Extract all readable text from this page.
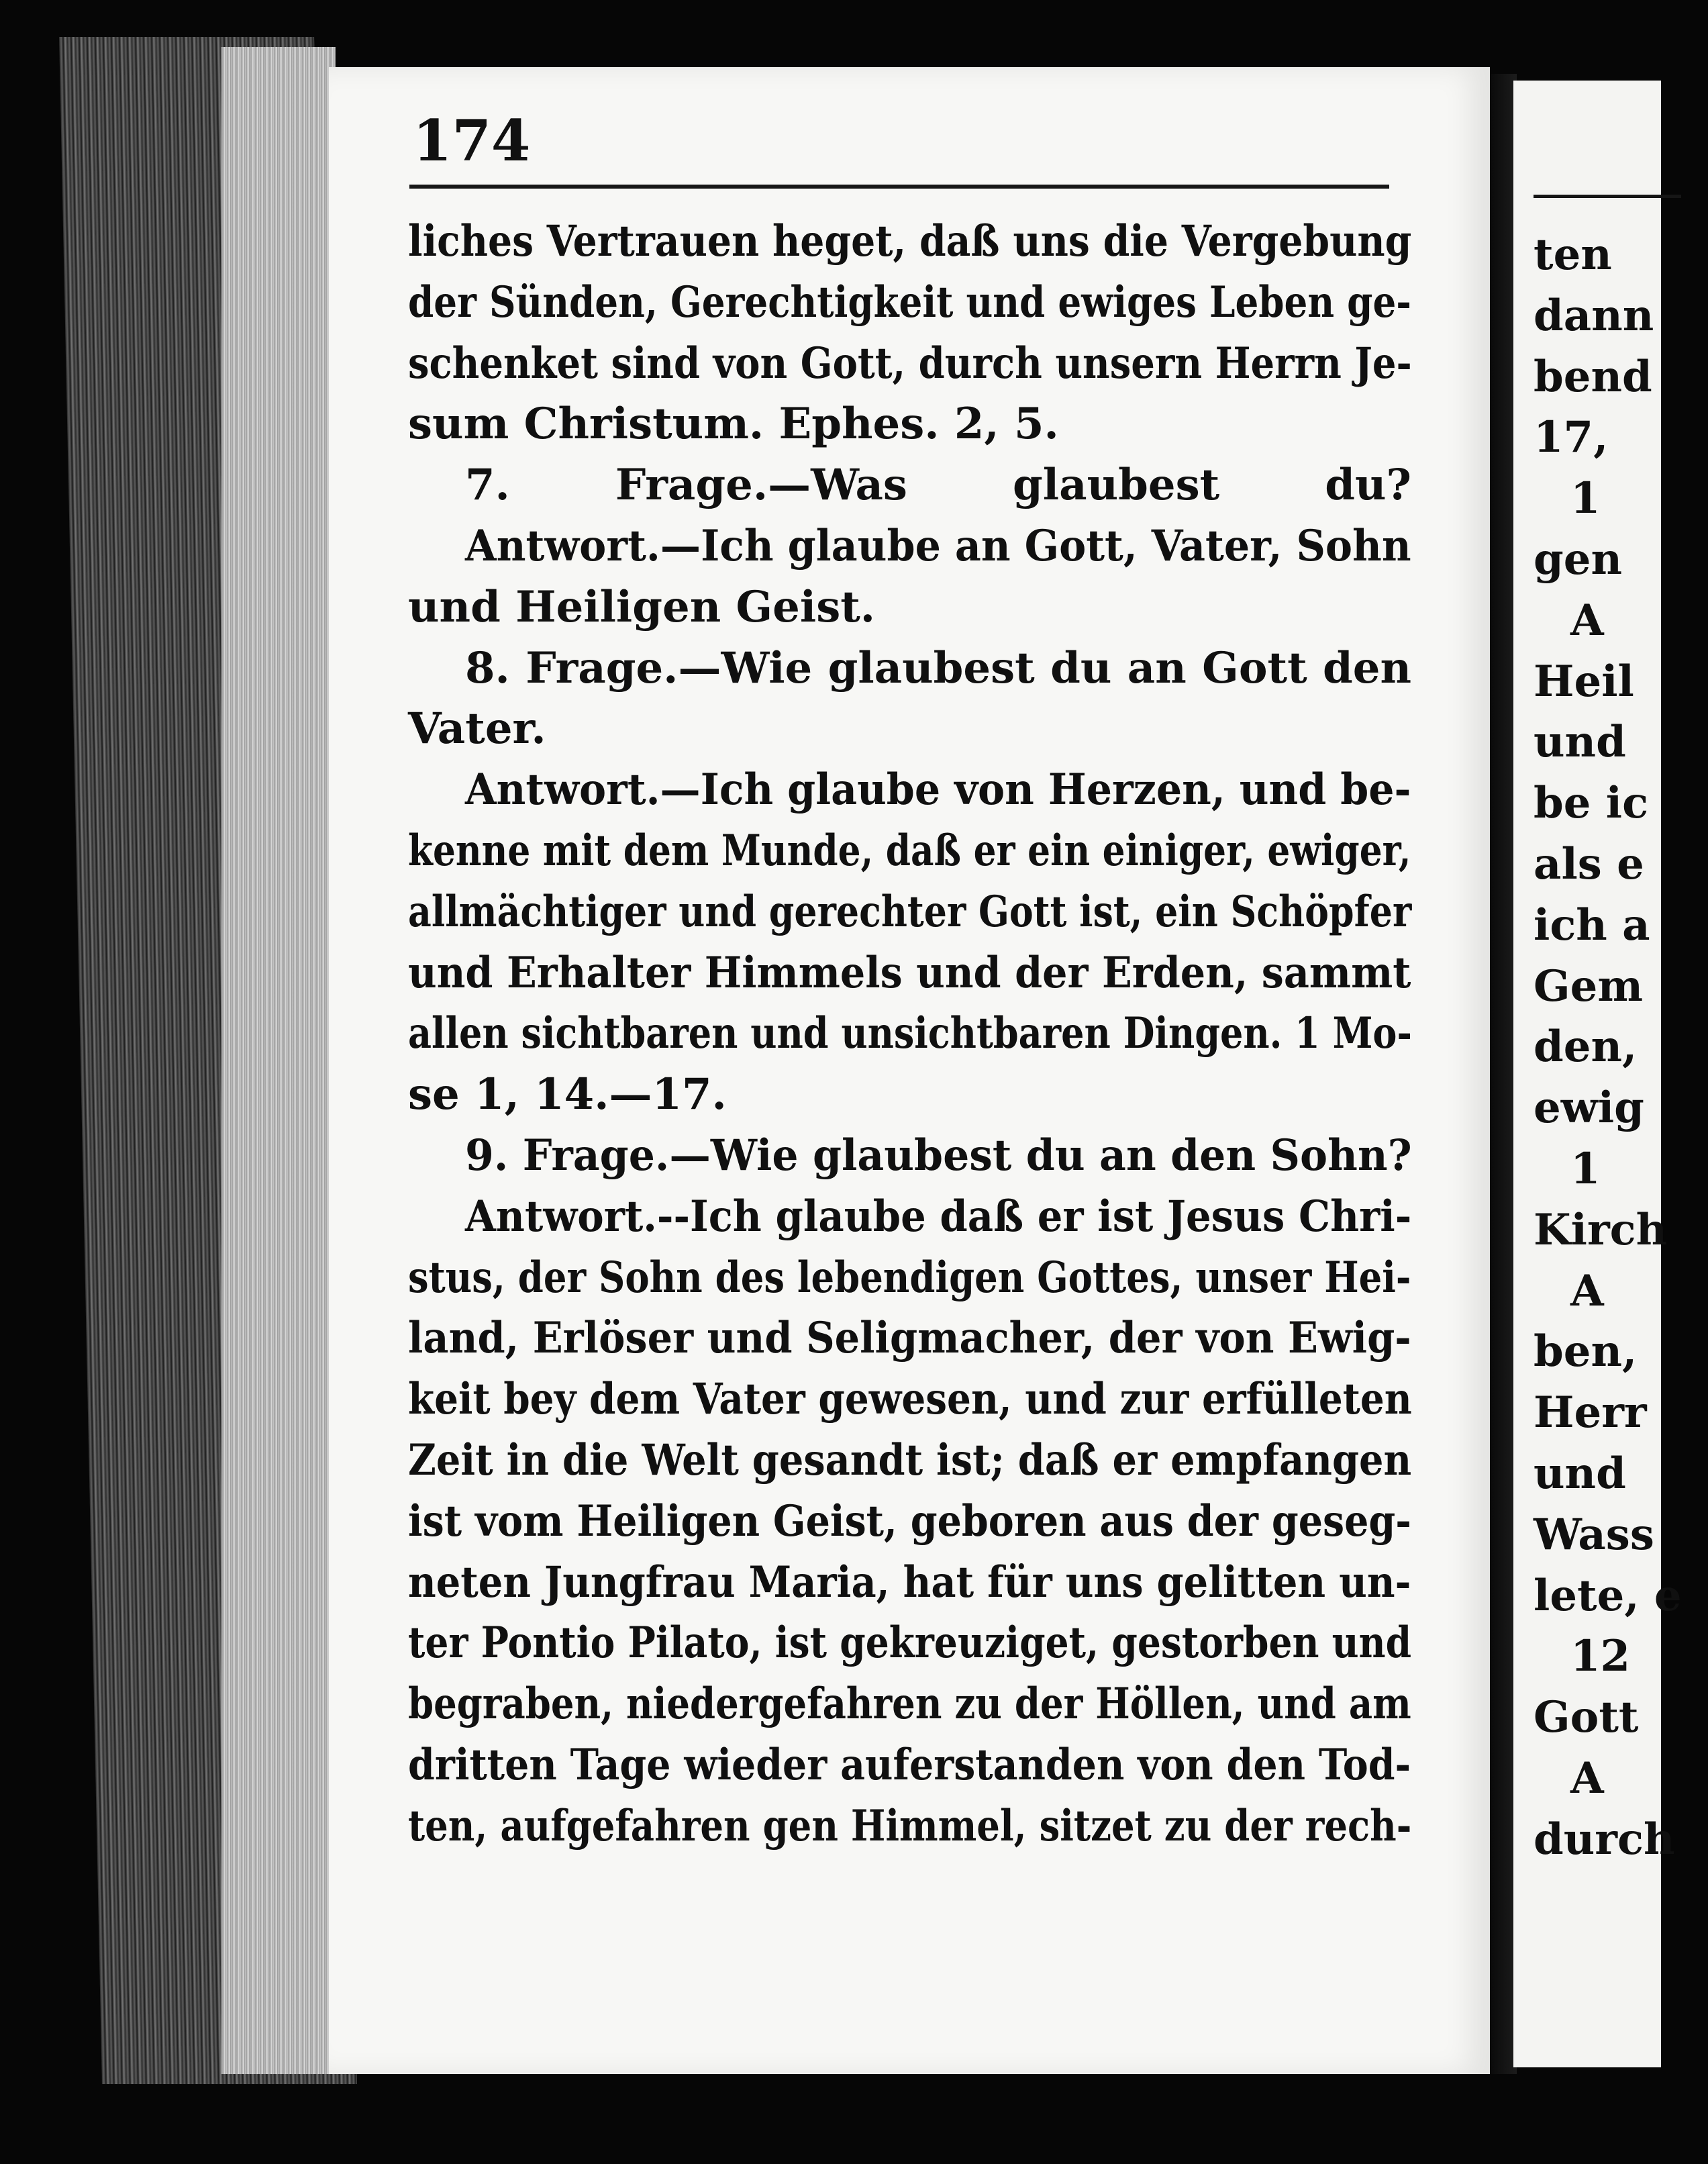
174
liches Vertrauen heget, daß uns die Vergebung
der Sünden, Gerechtigkeit und ewiges Leben ge-
schenket sind von Gott, durch unsern Herrn Je-
sum Christum. Ephes. 2, 5.
7. Frage.—Was glaubest du?
Antwort.—Ich glaube an Gott, Vater, Sohn
und Heiligen Geist.
8. Frage.—Wie glaubest du an Gott den
Vater.
Antwort.—Ich glaube von Herzen, und be-
kenne mit dem Munde, daß er ein einiger, ewiger,
allmächtiger und gerechter Gott ist, ein Schöpfer
und Erhalter Himmels und der Erden, sammt
allen sichtbaren und unsichtbaren Dingen. 1 Mo-
se 1, 14.—17.
9. Frage.—Wie glaubest du an den Sohn?
Antwort.--Ich glaube daß er ist Jesus Chri-
stus, der Sohn des lebendigen Gottes, unser Hei-
land, Erlöser und Seligmacher, der von Ewig-
keit bey dem Vater gewesen, und zur erfülleten
Zeit in die Welt gesandt ist; daß er empfangen
ist vom Heiligen Geist, geboren aus der geseg-
neten Jungfrau Maria, hat für uns gelitten un-
ter Pontio Pilato, ist gekreuziget, gestorben und
begraben, niedergefahren zu der Höllen, und am
dritten Tage wieder auferstanden von den Tod-
ten, aufgefahren gen Himmel, sitzet zu der rech-
ten
dann
bend
17,
1
gen
A
Heil
und
be ic
als e
ich a
Gem
den,
ewig
1
Kirch
A
ben,
Herr
und
Wass
lete, e
12
Gott
A
durch
